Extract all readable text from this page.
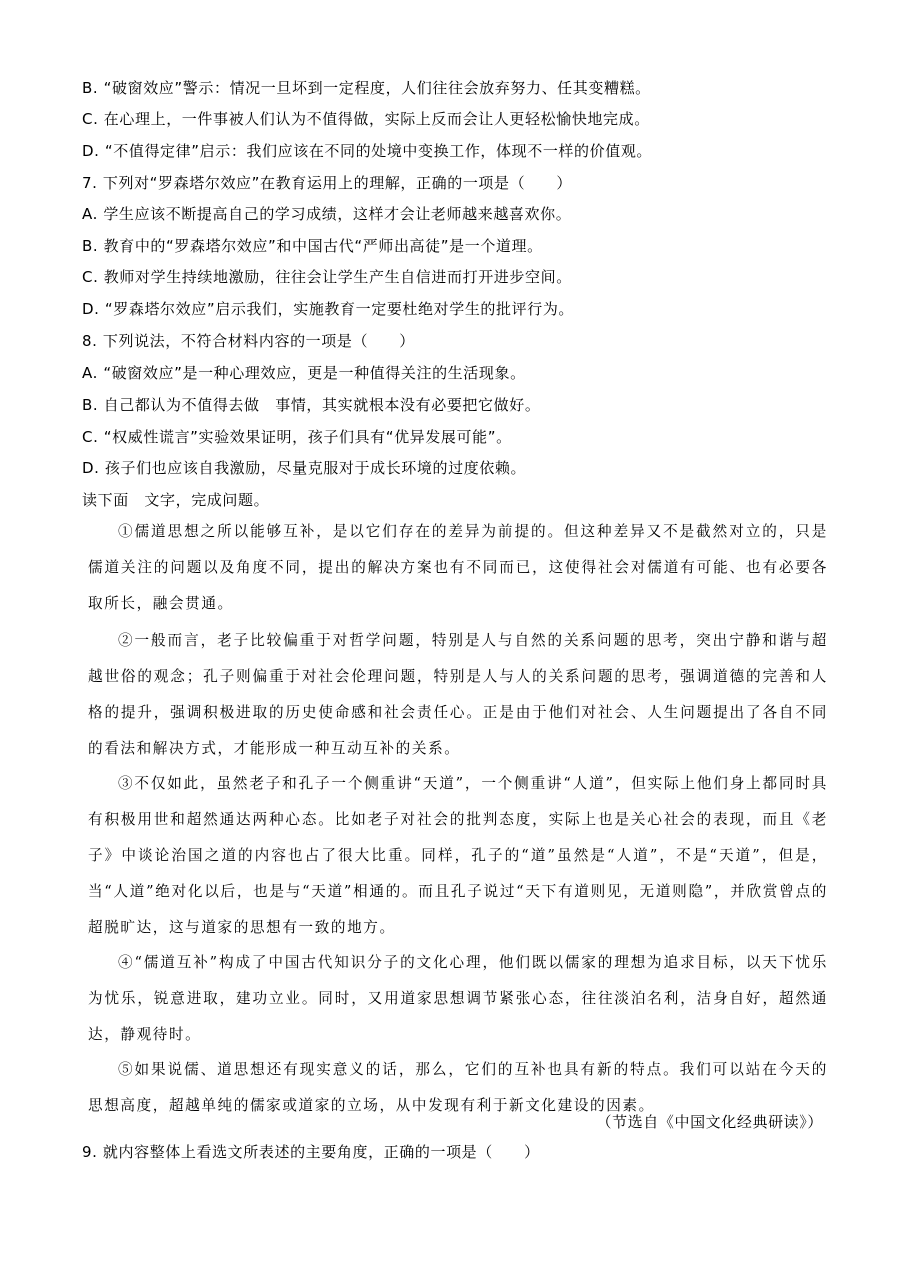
B. “破窗效应”警示：情况一旦坏到一定程度，人们往往会放弃努力、任其变糟糕。
C. 在心理上，一件事被人们认为不值得做，实际上反而会让人更轻松愉快地完成。
D. “不值得定律”启示：我们应该在不同的处境中变换工作，体现不一样的价值观。
7. 下列对“罗森塔尔效应”在教育运用上的理解，正确的一项是（　　）
A. 学生应该不断提高自己的学习成绩，这样才会让老师越来越喜欢你。
B. 教育中的“罗森塔尔效应”和中国古代“严师出高徒”是一个道理。
C. 教师对学生持续地激励，往往会让学生产生自信进而打开进步空间。
D. “罗森塔尔效应”启示我们，实施教育一定要杜绝对学生的批评行为。
8. 下列说法，不符合材料内容的一项是（　　）
A. “破窗效应”是一种心理效应，更是一种值得关注的生活现象。
B. 自己都认为不值得去做　事情，其实就根本没有必要把它做好。
C. “权威性谎言”实验效果证明，孩子们具有“优异发展可能”。
D. 孩子们也应该自我激励，尽量克服对于成长环境的过度依赖。
读下面　文字，完成问题。

①儒道思想之所以能够互补，是以它们存在的差异为前提的。但这种差异又不是截然对立的，只是儒道关注的问题以及角度不同，提出的解决方案也有不同而已，这使得社会对儒道有可能、也有必要各取所长，融会贯通。

②一般而言，老子比较偏重于对哲学问题，特别是人与自然的关系问题的思考，突出宁静和谐与超越世俗的观念；孔子则偏重于对社会伦理问题，特别是人与人的关系问题的思考，强调道德的完善和人格的提升，强调积极进取的历史使命感和社会责任心。正是由于他们对社会、人生问题提出了各自不同的看法和解决方式，才能形成一种互动互补的关系。

③不仅如此，虽然老子和孔子一个侧重讲“天道”，一个侧重讲“人道”，但实际上他们身上都同时具有积极用世和超然通达两种心态。比如老子对社会的批判态度，实际上也是关心社会的表现，而且《老子》中谈论治国之道的内容也占了很大比重。同样，孔子的“道”虽然是“人道”，不是“天道”，但是，当“人道”绝对化以后，也是与“天道”相通的。而且孔子说过“天下有道则见，无道则隐”，并欣赏曾点的超脱旷达，这与道家的思想有一致的地方。

④“儒道互补”构成了中国古代知识分子的文化心理，他们既以儒家的理想为追求目标，以天下忧乐为忧乐，锐意进取，建功立业。同时，又用道家思想调节紧张心态，往往淡泊名利，洁身自好，超然通达，静观待时。

⑤如果说儒、道思想还有现实意义的话，那么，它们的互补也具有新的特点。我们可以站在今天的思想高度，超越单纯的儒家或道家的立场，从中发现有利于新文化建设的因素。

（节选自《中国文化经典研读》）
9. 就内容整体上看选文所表述的主要角度，正确的一项是（　　）
